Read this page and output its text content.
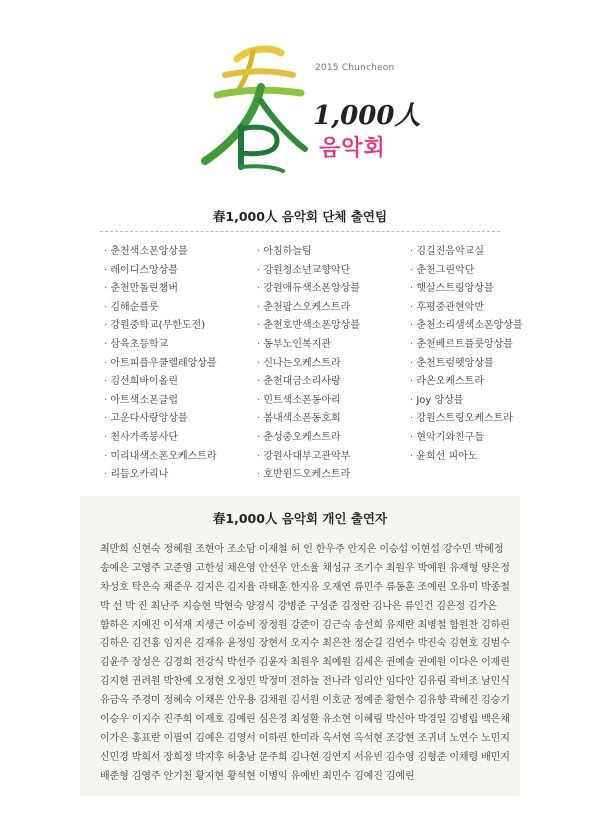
2015 Chuncheon
1,000人
음악회
春1,000人 음악회 단체 출연팀
· 춘천색소폰앙상블
· 레이디스앙상블
· 춘천만돌린챔버
· 김해순플룻
· 강원중학교(무한도전)
· 삼육초등학교
· 아트피플우쿨렐레앙상블
· 김선희바이올린
· 아트색소폰클럽
· 고운다사랑앙상블
· 천사가족봉사단
· 미리내색소폰오케스트라
· 리듬오카리나
· 아침하늘팀
· 강원청소년교향악단
· 강원애듀색소폰앙상블
· 춘천팝스오케스트라
· 춘천호반색소폰앙상블
· 동부노인복지관
· 신나는오케스트라
· 춘천대금소리사랑
· 민트색소폰동아리
· 봄내색소폰동호회
· 춘성중오케스트라
· 강원사대부고관악부
· 호반윈드오케스트라
· 김길진음악교실
· 춘천그린악단
· 햇살스트링앙상블
· 후평중관현악반
· 춘천소리샘색소폰앙상블
· 춘천베르트플룻앙상블
· 춘천트럼펫앙상블
· 라온오케스트라
· Joy 앙상블
· 강원스트링오케스트라
· 현악기와친구들
· 윤희선 피아노
春1,000人 음악회 개인 출연자
최만희 신현숙 정혜원 조현아 조소담 이재철 허 인 한우주 안지은 이승섭 이현섭 강수민 박혜정
송예은 고영주 고준영 고한성 채은영 안선우 안소율 채성규 조기수 최원우 박예원 유재형 양은정
차성호 탁은숙 채준우 김지은 김지율 라태훈 한지유 오재연 류민주 류동훈 조예린 오유미 박종철
박 선 박 진 최난주 지승현 박현숙 양경식 강병준 구성준 김정란 김나은 류인건 김은정 김가온
함하은 지예진 이석재 지생근 이승비 장정원 강준이 김근숙 송선희 유재란 최병철 함원찬 김하린
김하은 김건홍 임지은 김재유 윤정임 장현서 오지수 최은찬 정순길 김연수 박진숙 김현호 김범수
김윤주 장성은 김경희 전강식 박선주 김윤자 최원우 최예원 김세은 권예솔 권예원 이다은 이재린
김지현 권려원 박찬예 오정현 오정민 박정미 전하늘 전나라 임리안 임다안 김유림 곽비조 남민식
유금옥 주경미 정혜숙 이채은 안우용 김채원 김서원 이호균 정예준 황현수 김유향 곽혜진 김승기
이승우 이지수 진주희 이재호 김예린 심은경 최성환 유소현 이혜림 박신아 박경일 김병립 백은채
이가은 홍표란 이필여 김예은 김영서 이하린 한미라 옥서현 옥석현 조강현 조귀녀 노연수 노민지
신민경 박희서 장희정 박지후 허충남 문주희 김나현 김연지 서유빈 김수영 김형준 이채령 배민지
배준형 김영주 안기천 황지현 황석현 이병익 유예빈 최민수 김예진 김예린
